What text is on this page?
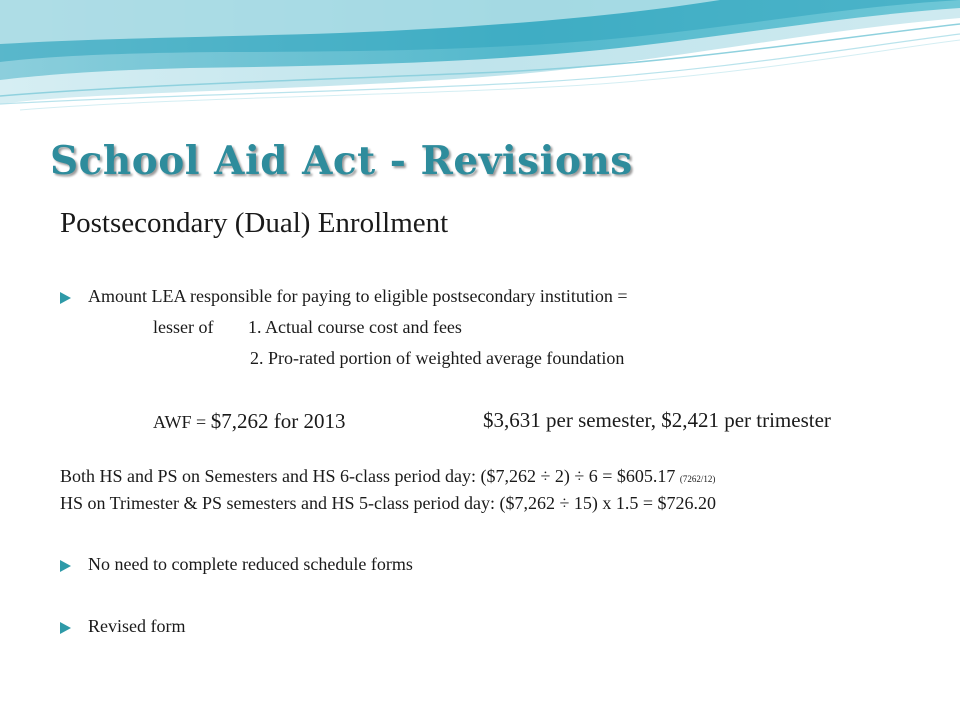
School Aid Act - Revisions
Postsecondary (Dual) Enrollment
Amount LEA responsible for paying to eligible postsecondary institution =
lesser of 1. Actual course cost and fees
2. Pro-rated portion of weighted average foundation
AWF = $7,262 for 2013	$3,631 per semester, $2,421 per trimester
Both HS and PS on Semesters and HS 6-class period day: ($7,262 ÷ 2) ÷ 6 = $605.17 (7262/12)
HS on Trimester & PS semesters and HS 5-class period day: ($7,262 ÷ 15) x 1.5 = $726.20
No need to complete reduced schedule forms
Revised form
